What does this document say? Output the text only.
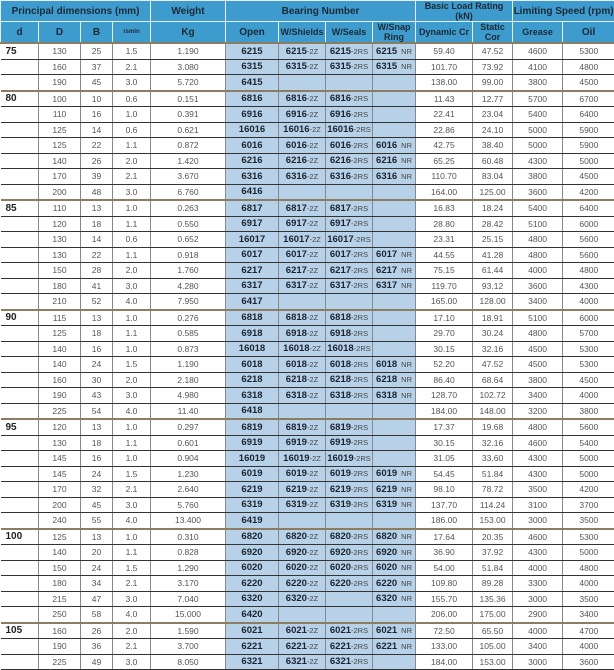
Principal dimensions (mm)				Weight	Bearing Number				Basic Load Rating (kN)		Limiting Speed (rpm)	
d	D	B	rsmin	Kg	Open	W/Shields	W/Seals	W/Snap Ring	Dynamic Cr	Static Cor	Grease	Oil
75	130	25	1.5	1.190	6215	6215-2Z	6215-2RS	6215 NR	59.40	47.52	4600	5300
	160	37	2.1	3.080	6315	6315-2Z	6315-2RS	6315 NR	101.70	73.92	4100	4800
	190	45	3.0	5.720	6415				138.00	99.00	3800	4500
80	100	10	0.6	0.151	6816	6816-2Z	6816-2RS		11.43	12.77	5700	6700
	110	16	1.0	0.391	6916	6916-2Z	6916-2RS		22.41	23.04	5400	6400
	125	14	0.6	0.621	16016	16016-2Z	16016-2RS		22.86	24.10	5000	5900
	125	22	1.1	0.872	6016	6016-2Z	6016-2RS	6016 NR	42.75	38.40	5000	5900
	140	26	2.0	1.420	6216	6216-2Z	6216-2RS	6216 NR	65.25	60.48	4300	5000
	170	39	2.1	3.670	6316	6316-2Z	6316-2RS	6316 NR	110.70	83.04	3800	4500
	200	48	3.0	6.760	6416				164.00	125.00	3600	4200
85	110	13	1.0	0.263	6817	6817-2Z	6817-2RS		16.83	18.24	5400	6400
	120	18	1.1	0.550	6917	6917-2Z	6917-2RS		28.80	28.42	5100	6000
	130	14	0.6	0.652	16017	16017-2Z	16017-2RS		23.31	25.15	4800	5600
	130	22	1.1	0.918	6017	6017-2Z	6017-2RS	6017 NR	44.55	41.28	4800	5600
	150	28	2.0	1.760	6217	6217-2Z	6217-2RS	6217 NR	75.15	61.44	4000	4800
	180	41	3.0	4.280	6317	6317-2Z	6317-2RS	6317 NR	119.70	93.12	3600	4300
	210	52	4.0	7.950	6417				165.00	128.00	3400	4000
90	115	13	1.0	0.276	6818	6818-2Z	6818-2RS		17.10	18.91	5100	6000
	125	18	1.1	0.585	6918	6918-2Z	6918-2RS		29.70	30.24	4800	5700
	140	16	1.0	0.873	16018	16018-2Z	16018-2RS		30.15	32.16	4500	5300
	140	24	1.5	1.190	6018	6018-2Z	6018-2RS	6018 NR	52.20	47.52	4500	5300
	160	30	2.0	2.180	6218	6218-2Z	6218-2RS	6218 NR	86.40	68.64	3800	4500
	190	43	3.0	4.980	6318	6318-2Z	6318-2RS	6318 NR	128.70	102.72	3400	4000
	225	54	4.0	11.40	6418				184.00	148.00	3200	3800
95	120	13	1.0	0.297	6819	6819-2Z	6819-2RS		17.37	19.68	4800	5600
	130	18	1.1	0.601	6919	6919-2Z	6919-2RS		30.15	32.16	4600	5400
	145	16	1.0	0.904	16019	16019-2Z	16019-2RS		31.05	33.60	4300	5000
	145	24	1.5	1.230	6019	6019-2Z	6019-2RS	6019 NR	54.45	51.84	4300	5000
	170	32	2.1	2.640	6219	6219-2Z	6219-2RS	6219 NR	98.10	78.72	3500	4200
	200	45	3.0	5.760	6319	6319-2Z	6319-2RS	6319 NR	137.70	114.24	3100	3700
	240	55	4.0	13.400	6419				186.00	153.00	3000	3500
100	125	13	1.0	0.310	6820	6820-2Z	6820-2RS	6820 NR	17.64	20.35	4600	5300
	140	20	1.1	0.828	6920	6920-2Z	6920-2RS	6920 NR	36.90	37.92	4300	5000
	150	24	1.5	1.290	6020	6020-2Z	6020-2RS	6020 NR	54.00	51.84	4000	4800
	180	34	2.1	3.170	6220	6220-2Z	6220-2RS	6220 NR	109.80	89.28	3300	4000
	215	47	3.0	7.040	6320	6320-2Z		6320 NR	155.70	135.36	3000	3500
	250	58	4.0	15.000	6420				206.00	175.00	2900	3400
105	160	26	2.0	1.590	6021	6021-2Z	6021-2RS	6021 NR	72.50	65.50	4000	4700
	190	36	2.1	3.700	6221	6221-2Z	6221-2RS	6221 NR	133.00	105.00	3400	4000
	225	49	3.0	8.050	6321	6321-2Z	6321-2RS		184.00	153.00	3000	3600
